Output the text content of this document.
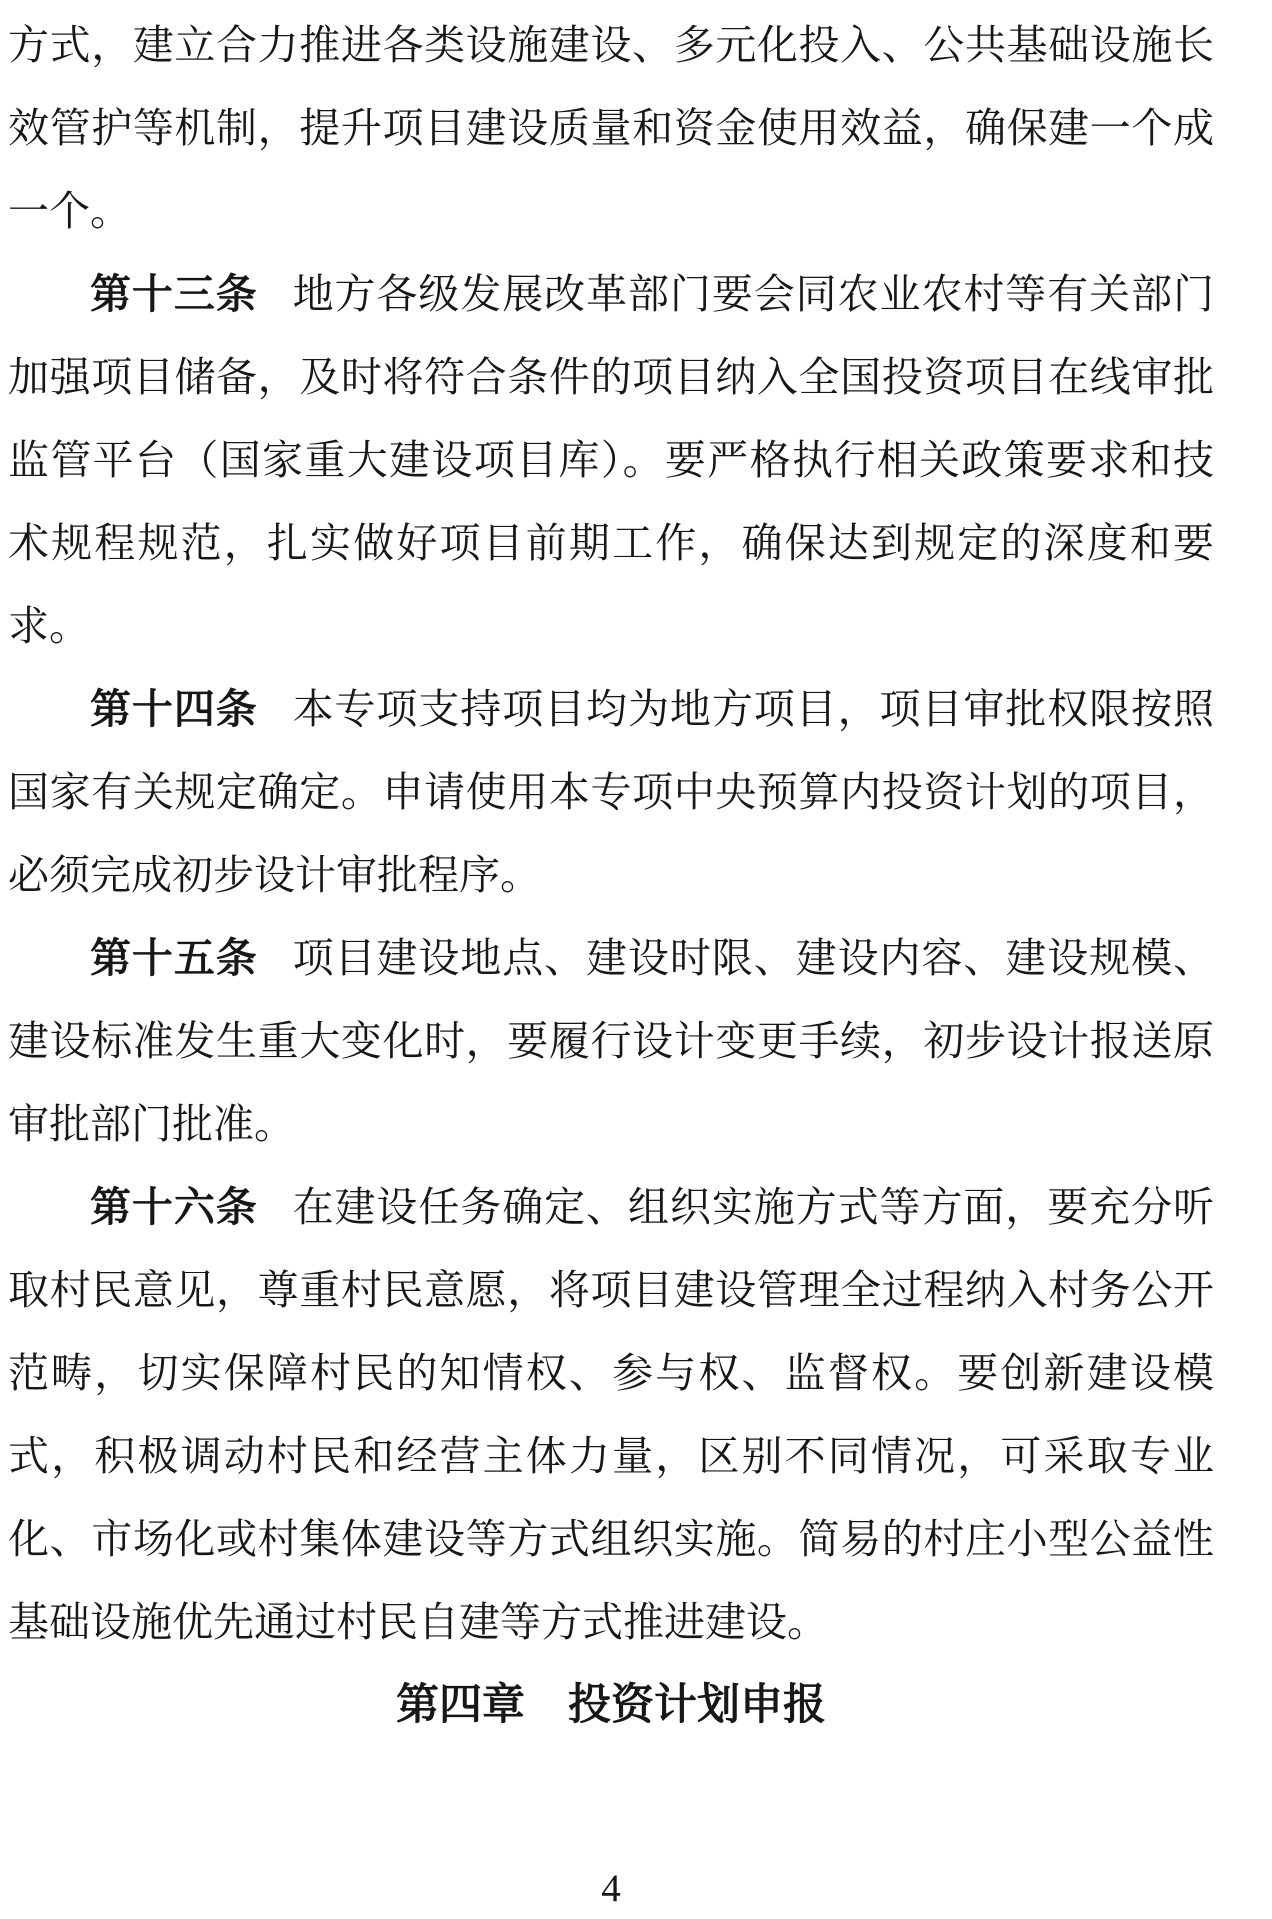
方式，建立合力推进各类设施建设、多元化投入、公共基础设施长效管护等机制，提升项目建设质量和资金使用效益，确保建一个成一个。

第十三条 地方各级发展改革部门要会同农业农村等有关部门加强项目储备，及时将符合条件的项目纳入全国投资项目在线审批监管平台（国家重大建设项目库）。要严格执行相关政策要求和技术规程规范，扎实做好项目前期工作，确保达到规定的深度和要求。

第十四条 本专项支持项目均为地方项目，项目审批权限按照国家有关规定确定。申请使用本专项中央预算内投资计划的项目，必须完成初步设计审批程序。

第十五条 项目建设地点、建设时限、建设内容、建设规模、建设标准发生重大变化时，要履行设计变更手续，初步设计报送原审批部门批准。

第十六条 在建设任务确定、组织实施方式等方面，要充分听取村民意见，尊重村民意愿，将项目建设管理全过程纳入村务公开范畴，切实保障村民的知情权、参与权、监督权。要创新建设模式，积极调动村民和经营主体力量，区别不同情况，可采取专业化、市场化或村集体建设等方式组织实施。简易的村庄小型公益性基础设施优先通过村民自建等方式推进建设。

第四章 投资计划申报
4
